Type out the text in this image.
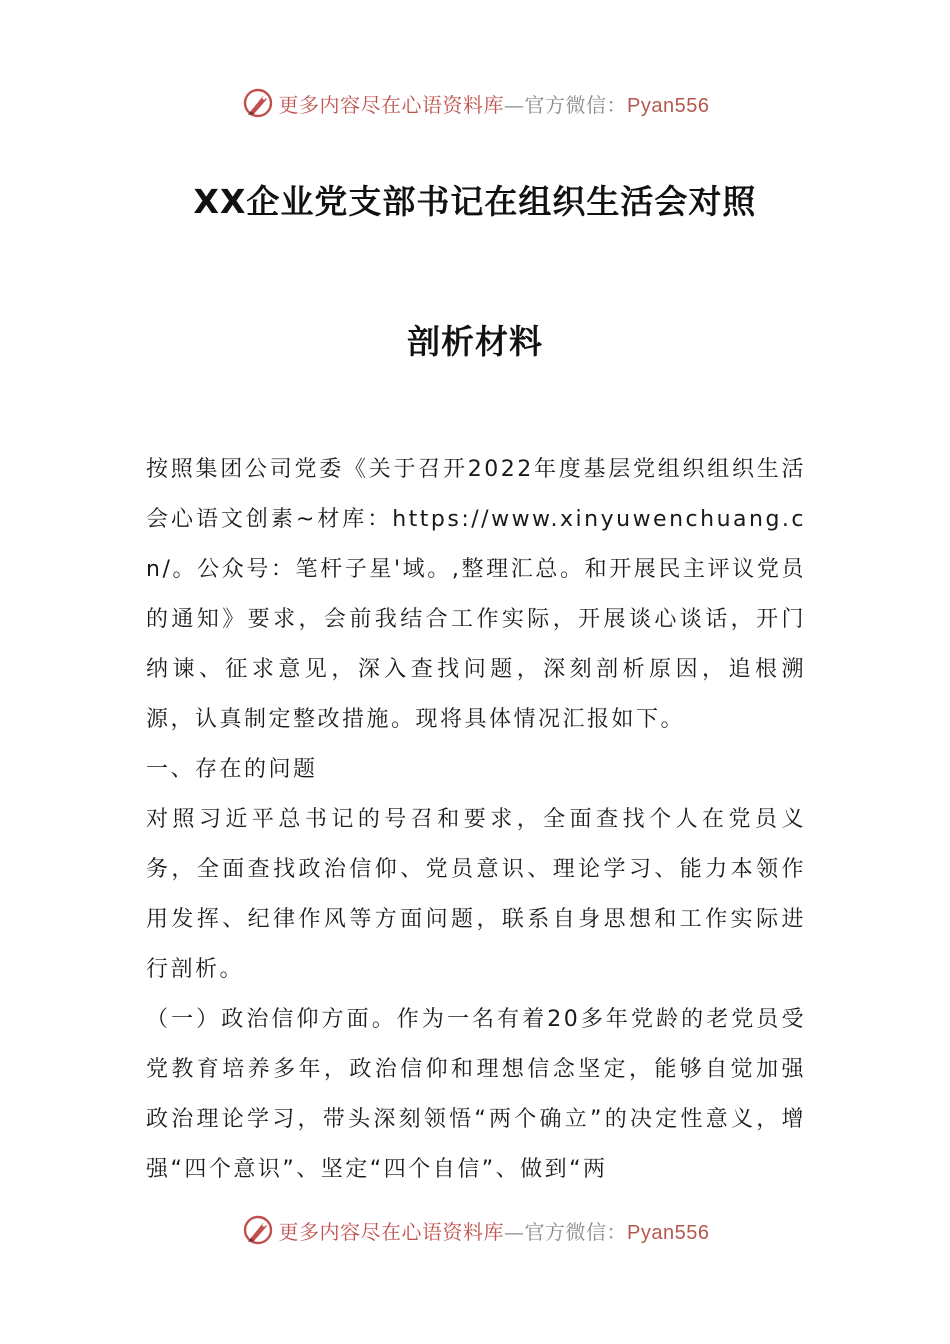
更多内容尽在心语资料库—官方微信：Pyan556
XX企业党支部书记在组织生活会对照
剖析材料

按照集团公司党委《关于召开2022年度基层党组织组织生活会心语文创素~材库：https://www.xinyuwenchuang.cn/。公众号：笔杆子星'域。,整理汇总。和开展民主评议党员的通知》要求，会前我结合工作实际，开展谈心谈话，开门纳谏、征求意见，深入查找问题，深刻剖析原因，追根溯源，认真制定整改措施。现将具体情况汇报如下。

一、存在的问题

对照习近平总书记的号召和要求，全面查找个人在党员义务，全面查找政治信仰、党员意识、理论学习、能力本领作用发挥、纪律作风等方面问题，联系自身思想和工作实际进行剖析。

（一）政治信仰方面。作为一名有着20多年党龄的老党员受党教育培养多年，政治信仰和理想信念坚定，能够自觉加强政治理论学习，带头深刻领悟“两个确立”的决定性意义，增强“四个意识”、坚定“四个自信”、做到“两

更多内容尽在心语资料库—官方微信：Pyan556
